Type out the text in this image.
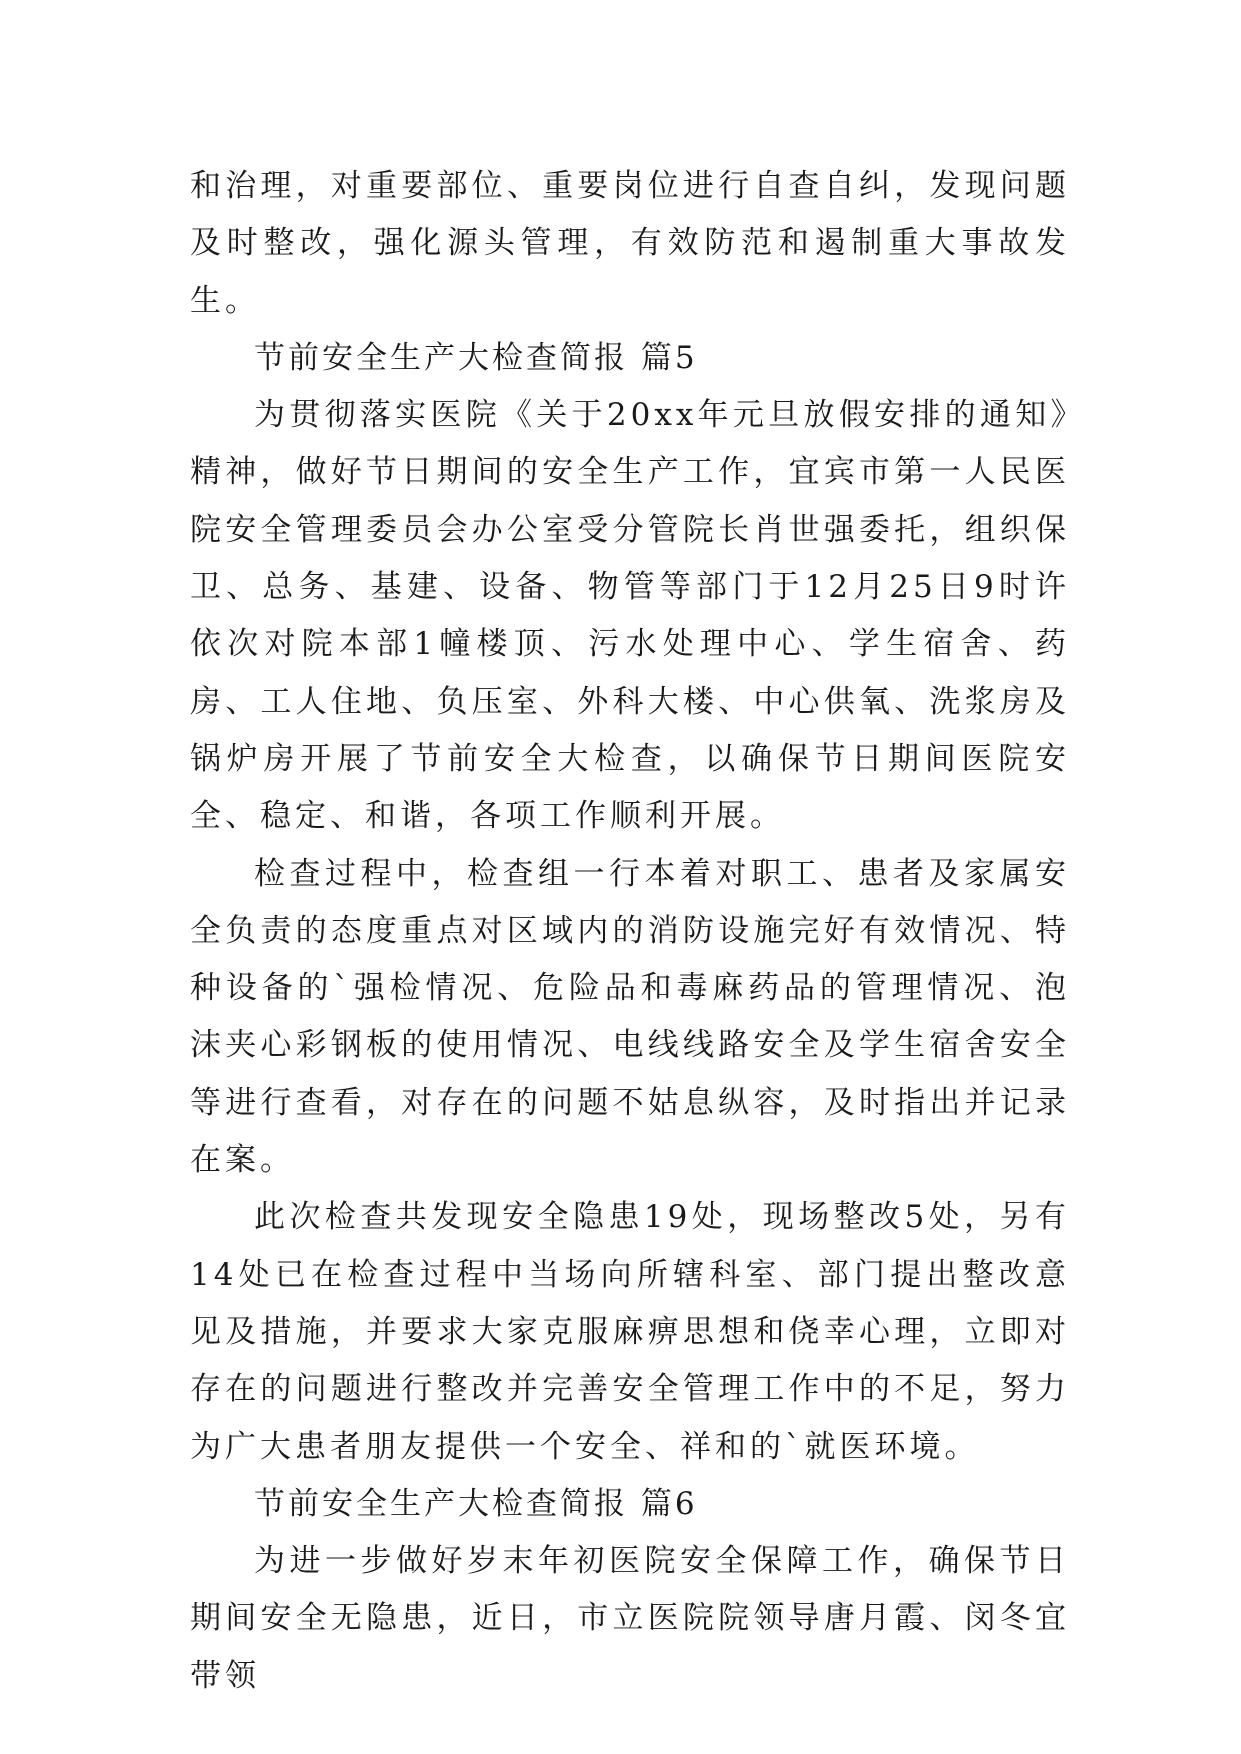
和治理，对重要部位、重要岗位进行自查自纠，发现问题及时整改，强化源头管理，有效防范和遏制重大事故发生。

节前安全生产大检查简报 篇5

为贯彻落实医院《关于20xx年元旦放假安排的通知》精神，做好节日期间的安全生产工作，宜宾市第一人民医院安全管理委员会办公室受分管院长肖世强委托，组织保卫、总务、基建、设备、物管等部门于12月25日9时许依次对院本部1幢楼顶、污水处理中心、学生宿舍、药房、工人住地、负压室、外科大楼、中心供氧、洗浆房及锅炉房开展了节前安全大检查，以确保节日期间医院安全、稳定、和谐，各项工作顺利开展。

检查过程中，检查组一行本着对职工、患者及家属安全负责的态度重点对区域内的消防设施完好有效情况、特种设备的`强检情况、危险品和毒麻药品的管理情况、泡沫夹心彩钢板的使用情况、电线线路安全及学生宿舍安全等进行查看，对存在的问题不姑息纵容，及时指出并记录在案。

此次检查共发现安全隐患19处，现场整改5处，另有14处已在检查过程中当场向所辖科室、部门提出整改意见及措施，并要求大家克服麻痹思想和侥幸心理，立即对存在的问题进行整改并完善安全管理工作中的不足，努力为广大患者朋友提供一个安全、祥和的`就医环境。

节前安全生产大检查简报 篇6

为进一步做好岁末年初医院安全保障工作，确保节日期间安全无隐患，近日，市立医院院领导唐月霞、闵冬宜带领
